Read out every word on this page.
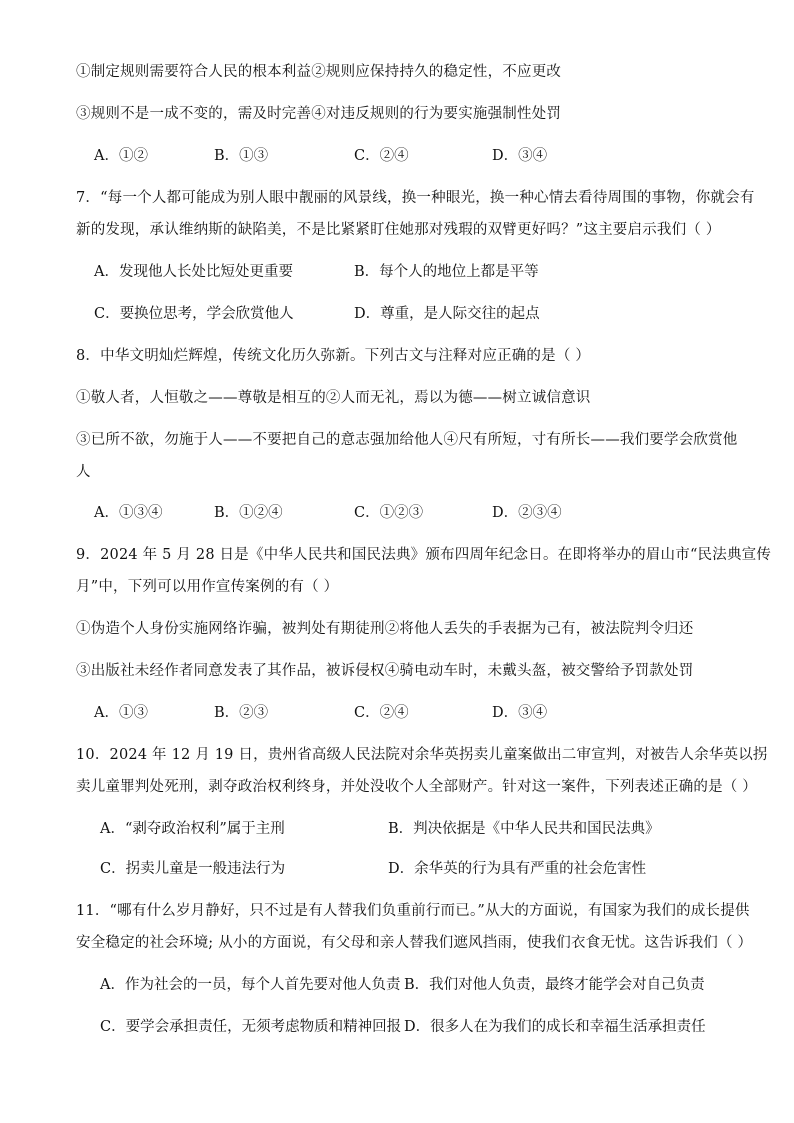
①制定规则需要符合人民的根本利益②规则应保持持久的稳定性，不应更改
③规则不是一成不变的，需及时完善④对违反规则的行为要实施强制性处罚
A．①②	B．①③	C．②④	D．③④
7．“每一个人都可能成为别人眼中靓丽的风景线，换一种眼光，换一种心情去看待周围的事物，你就会有
新的发现，承认维纳斯的缺陷美，不是比紧紧盯住她那对残瑕的双臂更好吗？”这主要启示我们（ ）
A．发现他人长处比短处更重要	B．每个人的地位上都是平等
C．要换位思考，学会欣赏他人	D．尊重，是人际交往的起点
8．中华文明灿烂辉煌，传统文化历久弥新。下列古文与注释对应正确的是（ ）
①敬人者，人恒敬之——尊敬是相互的②人而无礼，焉以为德——树立诚信意识
③已所不欲，勿施于人——不要把自己的意志强加给他人④尺有所短，寸有所长——我们要学会欣赏他
人
A．①③④	B．①②④	C．①②③	D．②③④
9．2024 年 5 月 28 日是《中华人民共和国民法典》颁布四周年纪念日。在即将举办的眉山市“民法典宣传
月”中，下列可以用作宣传案例的有（ ）
①伪造个人身份实施网络诈骗，被判处有期徒刑②将他人丢失的手表据为己有，被法院判令归还
③出版社未经作者同意发表了其作品，被诉侵权④骑电动车时，未戴头盔，被交警给予罚款处罚
A．①③	B．②③	C．②④	D．③④
10．2024 年 12 月 19 日，贵州省高级人民法院对余华英拐卖儿童案做出二审宣判，对被告人余华英以拐
卖儿童罪判处死刑，剥夺政治权利终身，并处没收个人全部财产。针对这一案件，下列表述正确的是（ ）
A．“剥夺政治权利”属于主刑	B．判决依据是《中华人民共和国民法典》
C．拐卖儿童是一般违法行为	D．余华英的行为具有严重的社会危害性
11．“哪有什么岁月静好，只不过是有人替我们负重前行而已。”从大的方面说，有国家为我们的成长提供
安全稳定的社会环境; 从小的方面说，有父母和亲人替我们遮风挡雨，使我们衣食无忧。这告诉我们（ ）
A．作为社会的一员，每个人首先要对他人负责 B．我们对他人负责，最终才能学会对自己负责
C．要学会承担责任，无须考虑物质和精神回报 D．很多人在为我们的成长和幸福生活承担责任
